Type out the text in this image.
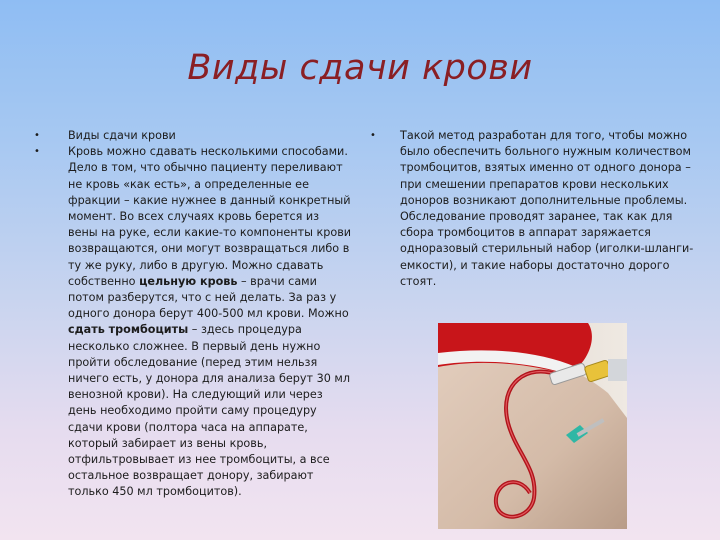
Виды сдачи крови
•	Виды сдачи крови
•	Кровь можно сдавать несколькими способами. Дело в том, что обычно пациенту переливают не кровь «как есть», а определенные ее фракции – какие нужнее в данный конкретный момент. Во всех случаях кровь берется из вены на руке, если какие-то компоненты крови возвращаются, они могут возвращаться либо в ту же руку, либо в другую. Можно сдавать собственно цельную кровь – врачи сами потом разберутся, что с ней делать. За раз у одного донора берут 400-500 мл крови. Можно сдать тромбоциты – здесь процедура несколько сложнее. В первый день нужно пройти обследование (перед этим нельзя ничего есть, у донора для анализа берут 30 мл венозной крови). На следующий или через день необходимо пройти саму процедуру сдачи крови (полтора часа на аппарате, который забирает из вены кровь, отфильтровывает из нее тромбоциты, а все остальное возвращает донору, забирают только 450 мл тромбоцитов).
• Такой метод разработан для того, чтобы можно было обеспечить больного нужным количеством тромбоцитов, взятых именно от одного донора – при смешении препаратов крови нескольких доноров возникают дополнительные проблемы. Обследование проводят заранее, так как для сбора тромбоцитов в аппарат заряжается одноразовый стерильный набор (иголки-шланги-емкости), и такие наборы достаточно дорого стоят.
